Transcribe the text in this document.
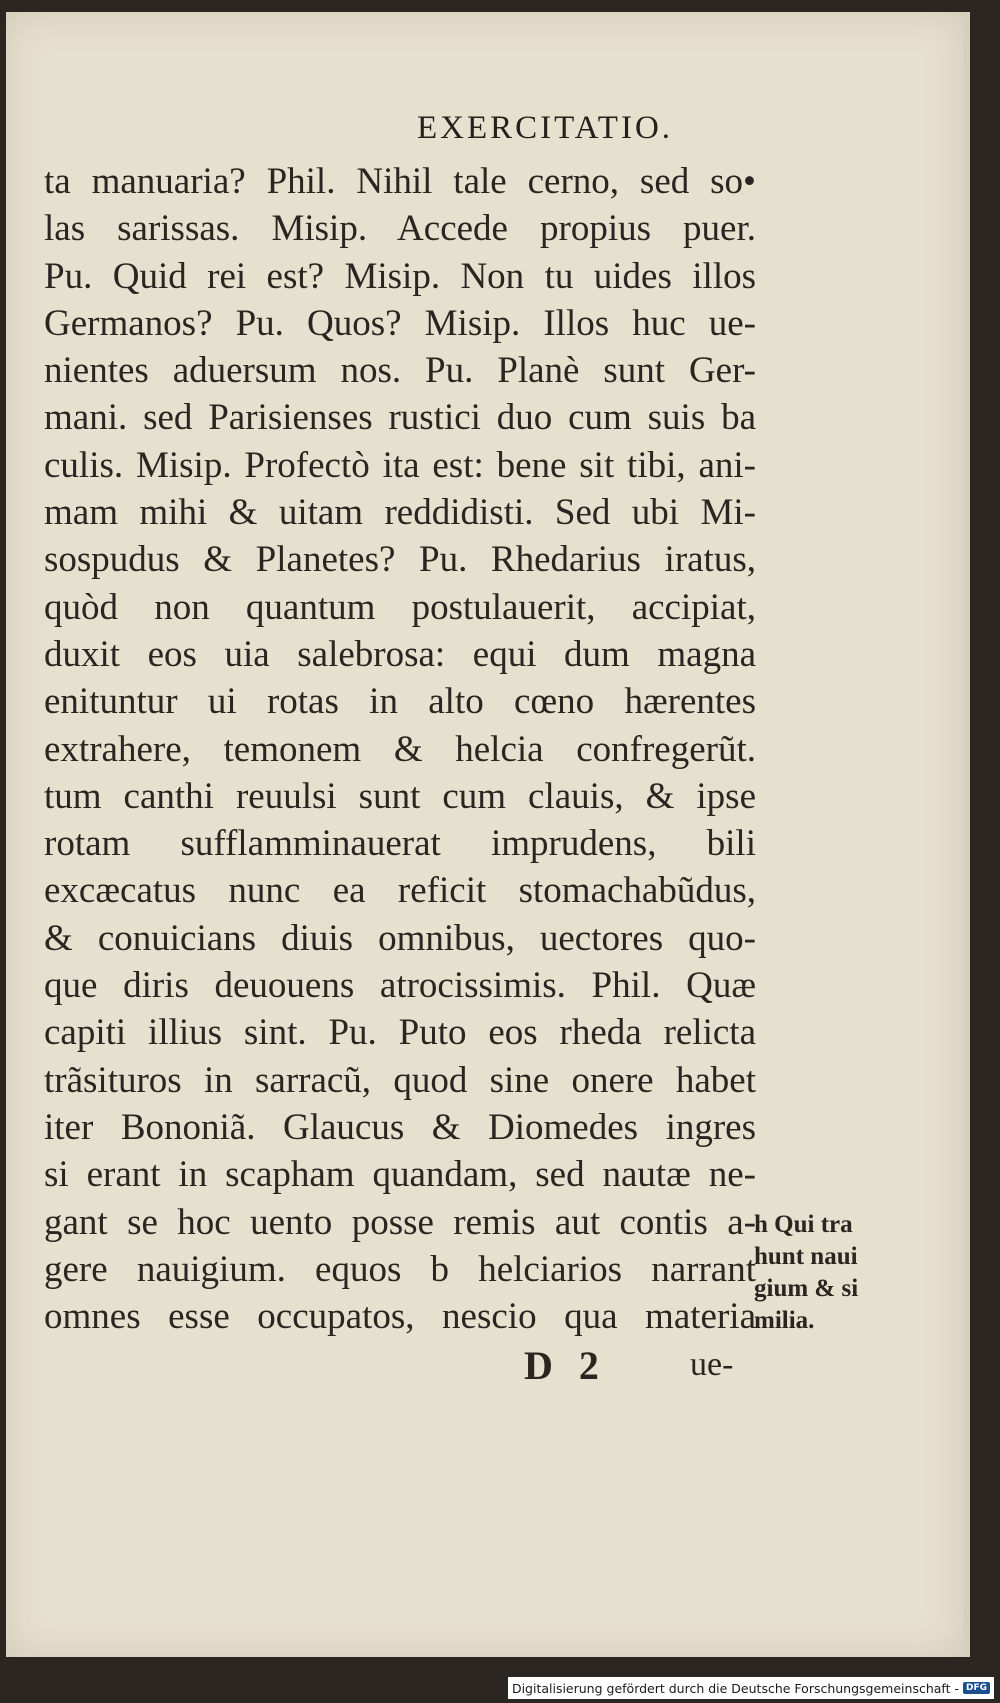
EXERCITATIO.
ta manuaria? Phil. Nihil tale cerno, sed so•
las sarissas. Misip. Accede propius puer.
Pu. Quid rei est? Misip. Non tu uides illos
Germanos? Pu. Quos? Misip. Illos huc ue-
nientes aduersum nos. Pu. Planè sunt Ger-
mani. sed Parisienses rustici duo cum suis ba
culis. Misip. Profectò ita est: bene sit tibi, ani-
mam mihi & uitam reddidisti. Sed ubi Mi-
sospudus & Planetes? Pu. Rhedarius iratus,
quòd non quantum postulauerit, accipiat,
duxit eos uia salebrosa: equi dum magna
enituntur ui rotas in alto cœno hærentes
extrahere, temonem & helcia confregerũt.
tum canthi reuulsi sunt cum clauis, & ipse
rotam sufflamminauerat imprudens, bili
excæcatus nunc ea reficit stomachabũdus,
& conuicians diuis omnibus, uectores quo-
que diris deuouens atrocissimis. Phil. Quæ
capiti illius sint. Pu. Puto eos rheda relicta
trãsituros in sarracũ, quod sine onere habet
iter Bononiã. Glaucus & Diomedes ingres
si erant in scapham quandam, sed nautæ ne-
gant se hoc uento posse remis aut contis a-
gere nauigium. equos b helciarios narrant
omnes esse occupatos, nescio qua materia
h Qui tra
hunt naui
gium & si
milia.
D 2 ue-
Digitalisierung gefördert durch die Deutsche Forschungsgemeinschaft - DFG
